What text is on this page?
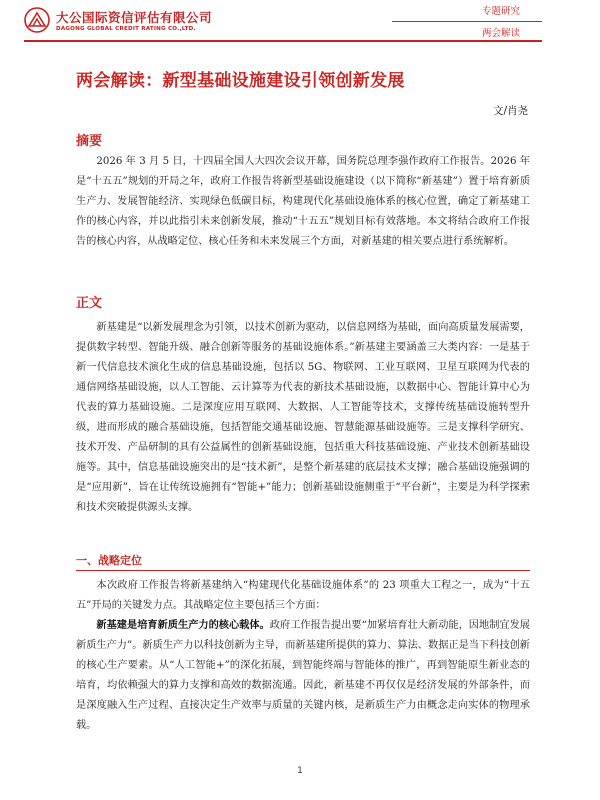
大公国际资信评估有限公司
DAGONG GLOBAL CREDIT RATING CO.,LTD.
专题研究
两会解读
两会解读：新型基础设施建设引领创新发展
文/肖尧
摘要

2026 年 3 月 5 日，十四届全国人大四次会议开幕，国务院总理李强作政府工作报告。2026 年是“十五五”规划的开局之年，政府工作报告将新型基础设施建设（以下简称“新基建”）置于培育新质生产力、发展智能经济、实现绿色低碳目标，构建现代化基础设施体系的核心位置，确定了新基建工作的核心内容，并以此指引未来创新发展，推动“十五五”规划目标有效落地。本文将结合政府工作报告的核心内容，从战略定位、核心任务和未来发展三个方面，对新基建的相关要点进行系统解析。

正文

新基建是“以新发展理念为引领，以技术创新为驱动，以信息网络为基础，面向高质量发展需要，提供数字转型、智能升级、融合创新等服务的基础设施体系。”新基建主要涵盖三大类内容：一是基于新一代信息技术演化生成的信息基础设施，包括以 5G、物联网、工业互联网、卫星互联网为代表的通信网络基础设施，以人工智能、云计算等为代表的新技术基础设施，以数据中心、智能计算中心为代表的算力基础设施。二是深度应用互联网、大数据、人工智能等技术，支撑传统基础设施转型升级，进而形成的融合基础设施，包括智能交通基础设施、智慧能源基础设施等。三是支撑科学研究、技术开发、产品研制的具有公益属性的创新基础设施，包括重大科技基础设施、产业技术创新基础设施等。其中，信息基础设施突出的是“技术新”，是整个新基建的底层技术支撑；融合基础设施强调的是“应用新”，旨在让传统设施拥有“智能+”能力；创新基础设施侧重于“平台新”，主要是为科学探索和技术突破提供源头支撑。

一、战略定位

本次政府工作报告将新基建纳入“构建现代化基础设施体系”的 23 项重大工程之一，成为“十五五”开局的关键发力点。其战略定位主要包括三个方面：

新基建是培育新质生产力的核心载体。政府工作报告提出要“加紧培育壮大新动能，因地制宜发展新质生产力”。新质生产力以科技创新为主导，而新基建所提供的算力、算法、数据正是当下科技创新的核心生产要素。从“人工智能+”的深化拓展，到智能终端与智能体的推广，再到智能原生新业态的培育，均依赖强大的算力支撑和高效的数据流通。因此，新基建不再仅仅是经济发展的外部条件，而是深度融入生产过程、直接决定生产效率与质量的关键内核，是新质生产力由概念走向实体的物理承载。

1
